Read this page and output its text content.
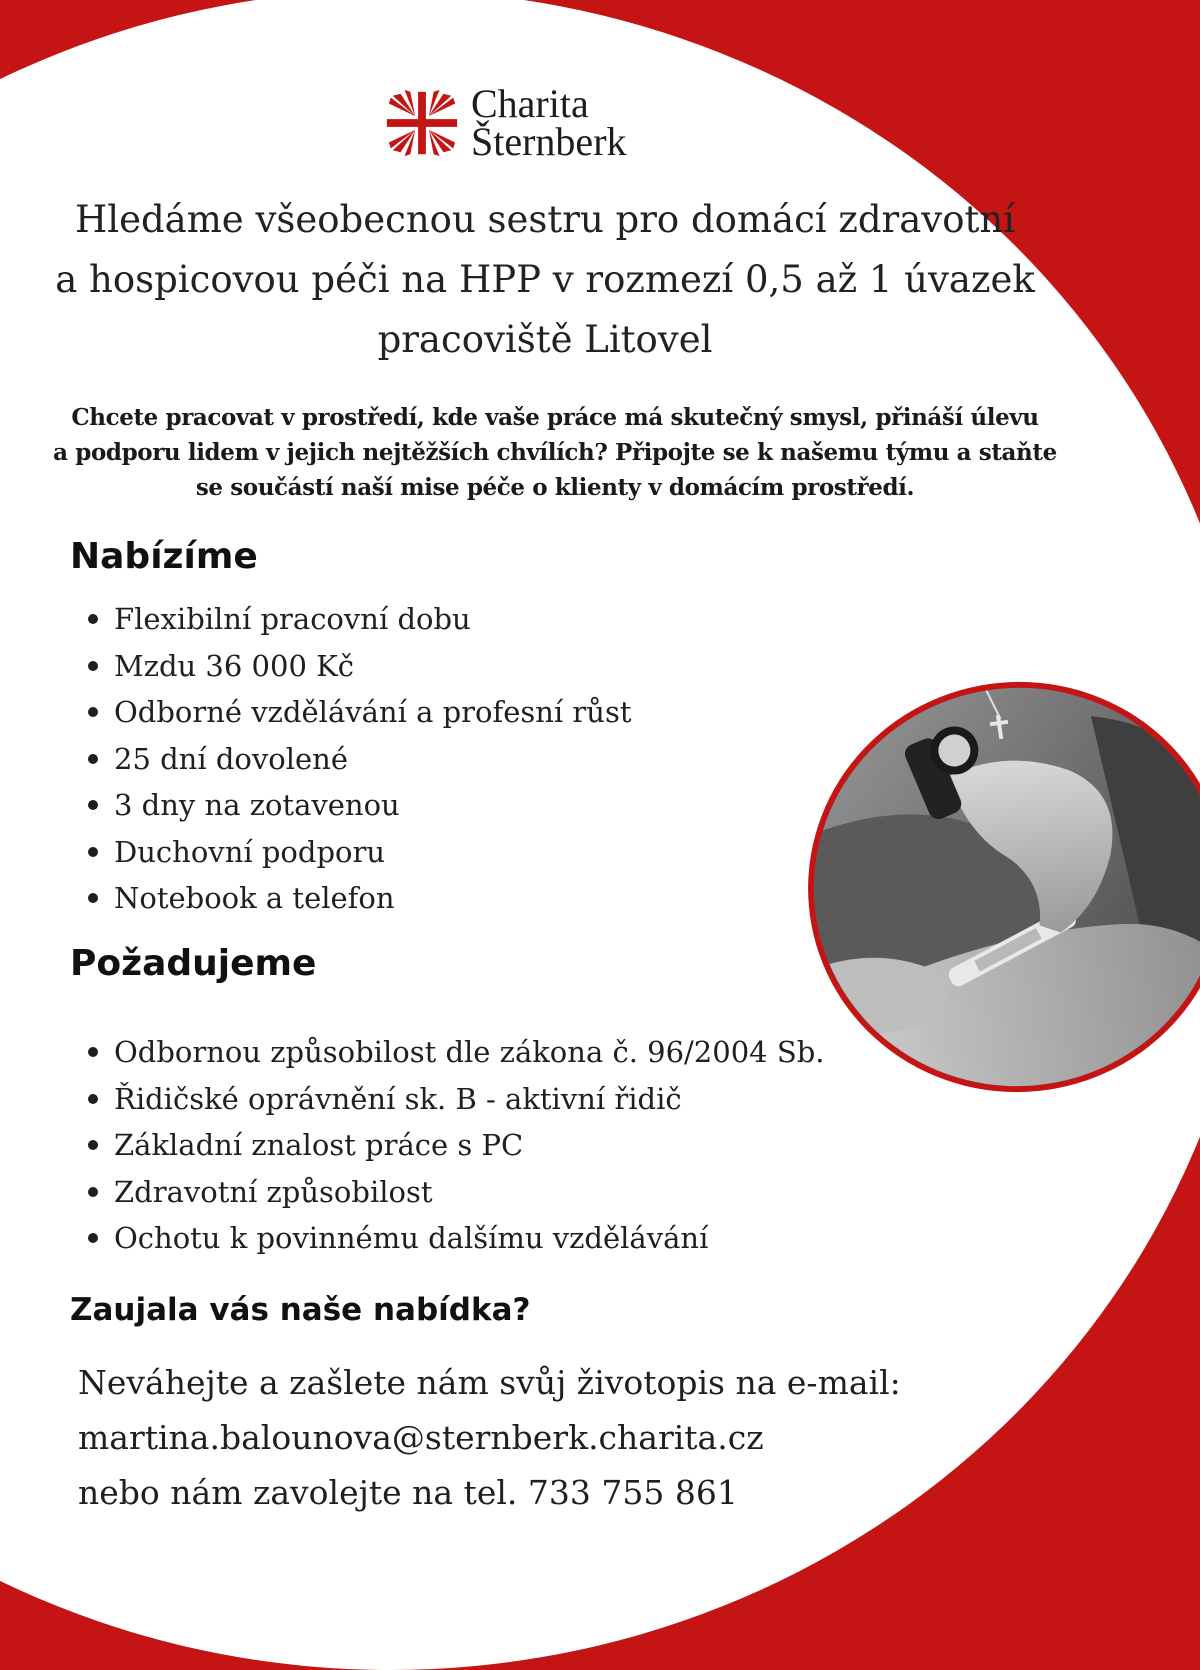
Charita
Šternberk
Hledáme všeobecnou sestru pro domácí zdravotní
a hospicovou péči na HPP v rozmezí 0,5 až 1 úvazek
pracoviště Litovel
Chcete pracovat v prostředí, kde vaše práce má skutečný smysl, přináší úlevu
a podporu lidem v jejich nejtěžších chvílích? Připojte se k našemu týmu a staňte
se součástí naší mise péče o klienty v domácím prostředí.
Nabízíme
Flexibilní pracovní dobu
Mzdu 36 000 Kč
Odborné vzdělávání a profesní růst
25 dní dovolené
3 dny na zotavenou
Duchovní podporu
Notebook a telefon
Požadujeme
Odbornou způsobilost dle zákona č. 96/2004 Sb.
Řidičské oprávnění sk. B - aktivní řidič
Základní znalost práce s PC
Zdravotní způsobilost
Ochotu k povinnému dalšímu vzdělávání
Zaujala vás naše nabídka?
Neváhejte a zašlete nám svůj životopis na e-mail:
martina.balounova@sternberk.charita.cz
nebo nám zavolejte na tel. 733 755 861
